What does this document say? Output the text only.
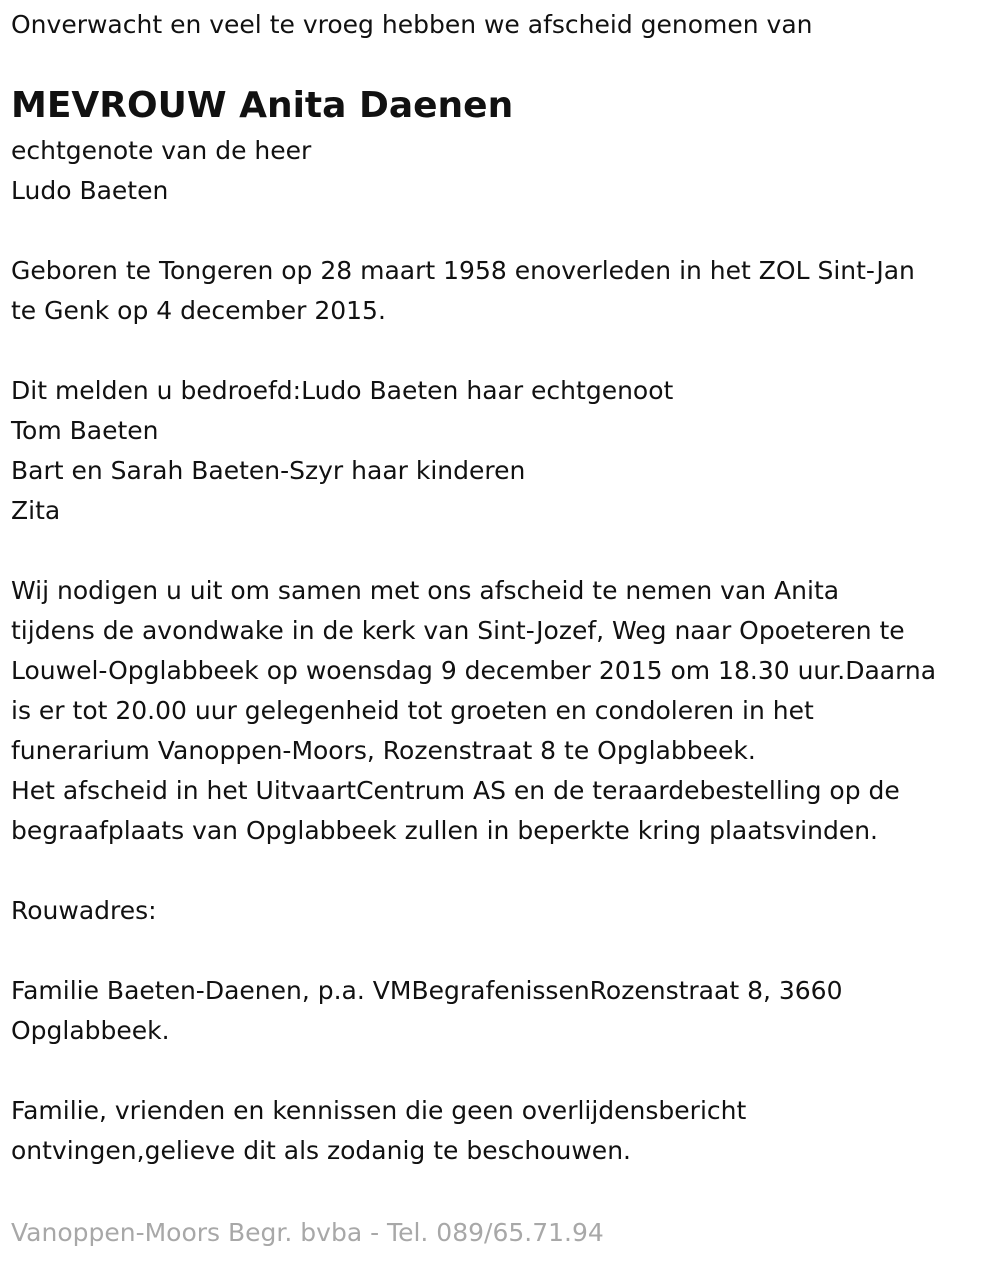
Onverwacht en veel te vroeg hebben we afscheid genomen van
MEVROUW Anita Daenen
echtgenote van de heer
Ludo Baeten
Geboren te Tongeren op 28 maart 1958 enoverleden in het ZOL Sint-Jan
te Genk op 4 december 2015.
Dit melden u bedroefd:Ludo Baeten haar echtgenoot
Tom Baeten
Bart en Sarah Baeten-Szyr haar kinderen
Zita
Wij nodigen u uit om samen met ons afscheid te nemen van Anita
tijdens de avondwake in de kerk van Sint-Jozef, Weg naar Opoeteren te
Louwel-Opglabbeek op woensdag 9 december 2015 om 18.30 uur.Daarna
is er tot 20.00 uur gelegenheid tot groeten en condoleren in het
funerarium Vanoppen-Moors, Rozenstraat 8 te Opglabbeek.
Het afscheid in het UitvaartCentrum AS en de teraardebestelling op de
begraafplaats van Opglabbeek zullen in beperkte kring plaatsvinden.
Rouwadres:
Familie Baeten-Daenen, p.a. VMBegrafenissenRozenstraat 8, 3660
Opglabbeek.
Familie, vrienden en kennissen die geen overlijdensbericht
ontvingen,gelieve dit als zodanig te beschouwen.
Vanoppen-Moors Begr. bvba - Tel. 089/65.71.94
